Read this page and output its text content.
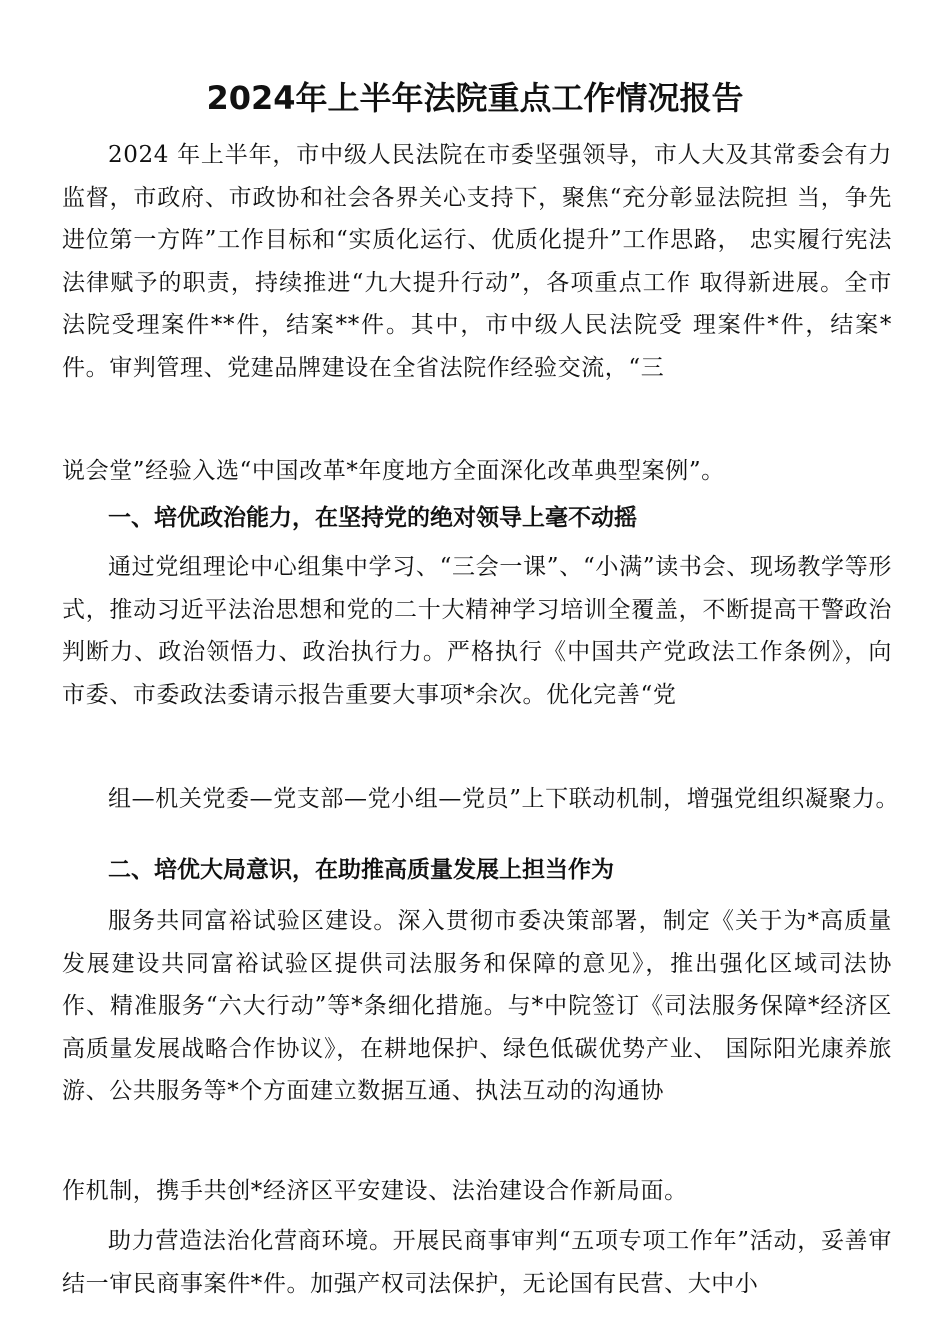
2024年上半年法院重点工作情况报告

2024 年上半年，市中级人民法院在市委坚强领导，市人大及其常委会有力监督，市政府、市政协和社会各界关心支持下，聚焦“充分彰显法院担 当，争先进位第一方阵”工作目标和“实质化运行、优质化提升”工作思路， 忠实履行宪法法律赋予的职责，持续推进“九大提升行动”，各项重点工作 取得新进展。全市法院受理案件**件，结案**件。其中，市中级人民法院受 理案件*件，结案*件。审判管理、党建品牌建设在全省法院作经验交流，“三

说会堂”经验入选“中国改革*年度地方全面深化改革典型案例”。

一、培优政治能力，在坚持党的绝对领导上毫不动摇

通过党组理论中心组集中学习、“三会一课”、“小满”读书会、现场教学等形式，推动习近平法治思想和党的二十大精神学习培训全覆盖，不断提高干警政治判断力、政治领悟力、政治执行力。严格执行《中国共产党政法工作条例》，向市委、市委政法委请示报告重要大事项*余次。优化完善“党

组—机关党委—党支部—党小组—党员”上下联动机制，增强党组织凝聚力。

二、培优大局意识，在助推高质量发展上担当作为

服务共同富裕试验区建设。深入贯彻市委决策部署，制定《关于为*高质量发展建设共同富裕试验区提供司法服务和保障的意见》，推出强化区域司法协作、精准服务“六大行动”等*条细化措施。与*中院签订《司法服务保障*经济区高质量发展战略合作协议》，在耕地保护、绿色低碳优势产业、 国际阳光康养旅游、公共服务等*个方面建立数据互通、执法互动的沟通协

作机制，携手共创*经济区平安建设、法治建设合作新局面。

助力营造法治化营商环境。开展民商事审判“五项专项工作年”活动，妥善审结一审民商事案件*件。加强产权司法保护，无论国有民营、大中小
